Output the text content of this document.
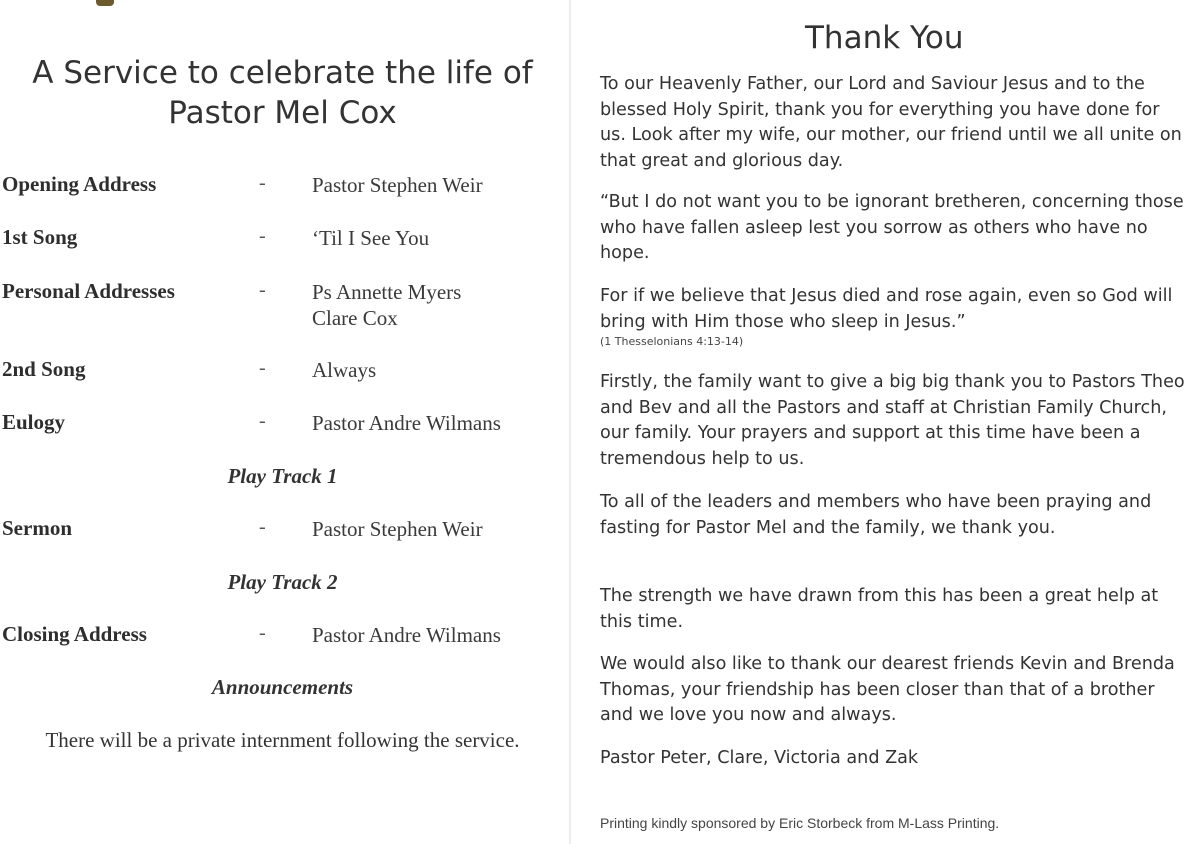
A Service to celebrate the life of
Pastor Mel Cox
Opening Address	- Pastor Stephen Weir
1st Song	- ‘Til I See You
Personal Addresses	- Ps Annette Myers
Clare Cox
2nd Song	- Always
Eulogy	- Pastor Andre Wilmans
Play Track 1
Sermon	- Pastor Stephen Weir
Play Track 2
Closing Address	- Pastor Andre Wilmans
Announcements
There will be a private internment following the service.
Thank You

To our Heavenly Father, our Lord and Saviour Jesus and to the blessed Holy Spirit, thank you for everything you have done for us. Look after my wife, our mother, our friend until we all unite on that great and glorious day.

“But I do not want you to be ignorant bretheren, concerning those who have fallen asleep lest you sorrow as others who have no hope.

For if we believe that Jesus died and rose again, even so God will bring with Him those who sleep in Jesus.”

(1 Thesselonians 4:13-14)

Firstly, the family want to give a big big thank you to Pastors Theo and Bev and all the Pastors and staff at Christian Family Church, our family. Your prayers and support at this time have been a tremendous help to us.

To all of the leaders and members who have been praying and fasting for Pastor Mel and the family, we thank you.

The strength we have drawn from this has been a great help at this time.

We would also like to thank our dearest friends Kevin and Brenda Thomas, your friendship has been closer than that of a brother and we love you now and always.

Pastor Peter, Clare, Victoria and Zak

Printing kindly sponsored by Eric Storbeck from M-Lass Printing.
